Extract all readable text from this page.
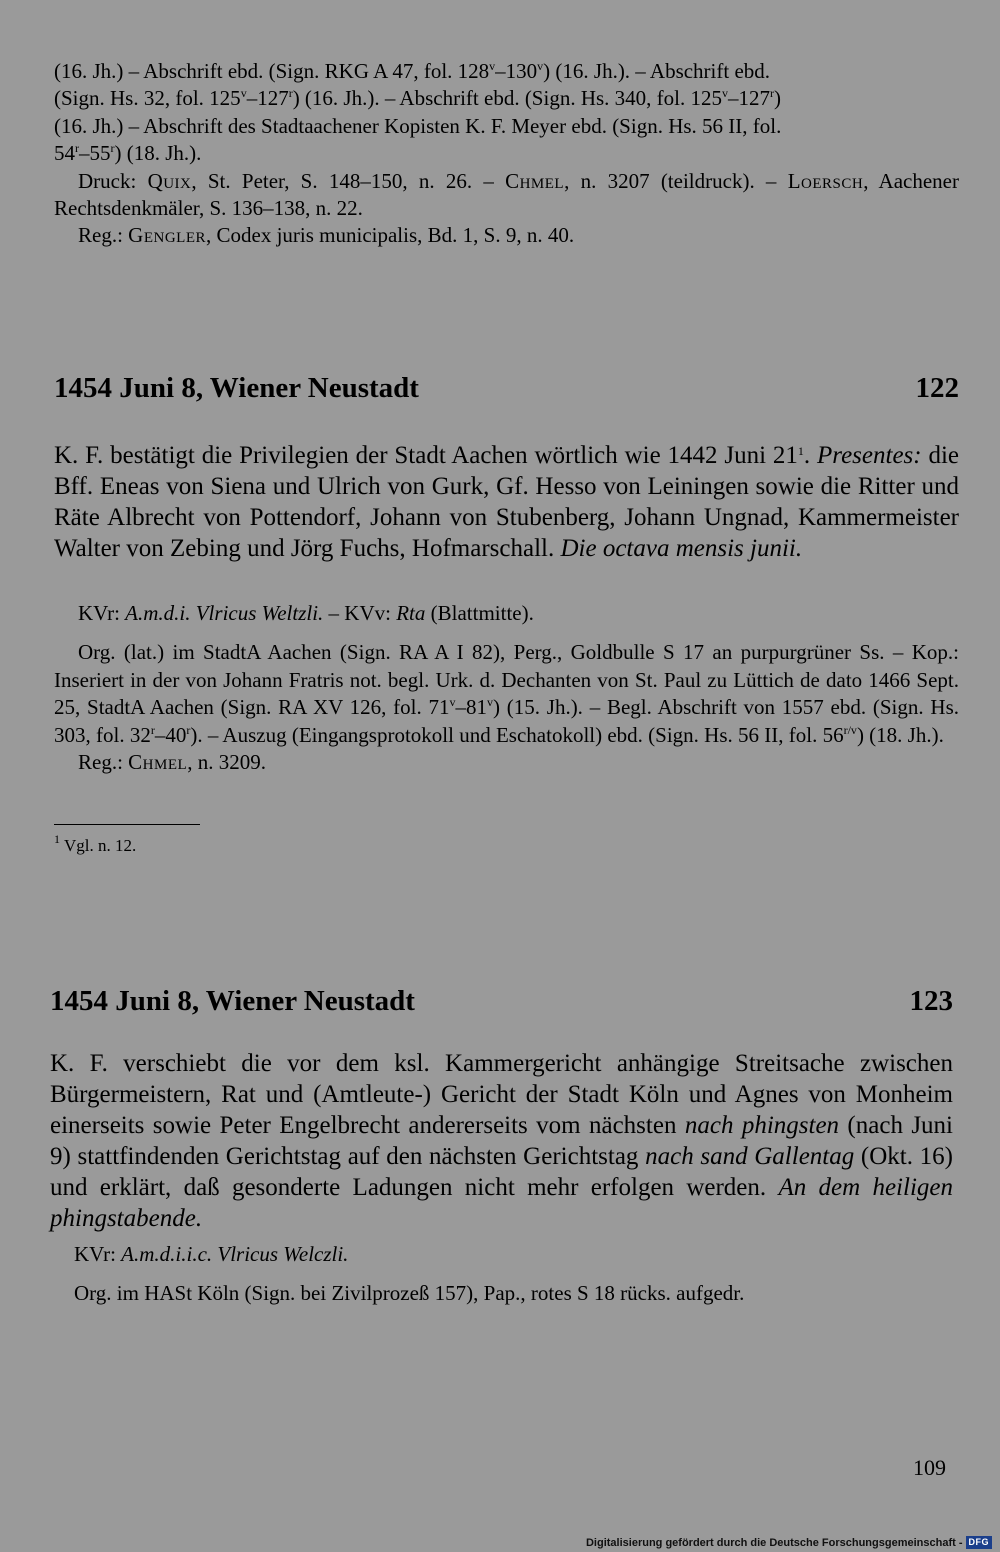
(16. Jh.) – Abschrift ebd. (Sign. RKG A 47, fol. 128$^v$–130$^v$) (16. Jh.). – Abschrift ebd.

(Sign. Hs. 32, fol. 125$^v$–127$^r$) (16. Jh.). – Abschrift ebd. (Sign. Hs. 340, fol. 125$^v$–127$^r$)

(16. Jh.) – Abschrift des Stadtaachener Kopisten K. F. Meyer ebd. (Sign. Hs. 56 II, fol.

54$^r$–55$^r$) (18. Jh.).

Druck: Quix, St. Peter, S. 148–150, n. 26. – Chmel, n. 3207 (teildruck). – Loersch, Aachener Rechtsdenkmäler, S. 136–138, n. 22.

Reg.: Gengler, Codex juris municipalis, Bd. 1, S. 9, n. 40.

1454 Juni 8, Wiener Neustadt	122

K. F. bestätigt die Privilegien der Stadt Aachen wörtlich wie 1442 Juni $21^1$. Presentes: die Bff. Eneas von Siena und Ulrich von Gurk, Gf. Hesso von Leiningen sowie die Ritter und Räte Albrecht von Pottendorf, Johann von Stubenberg, Johann Ungnad, Kammermeister Walter von Zebing und Jörg Fuchs, Hofmarschall. Die octava mensis junii.

KVr: A.m.d.i. Vlricus Weltzli. – KVv: Rta (Blattmitte).

Org. (lat.) im StadtA Aachen (Sign. RA A I 82), Perg., Goldbulle S 17 an purpurgrüner Ss. – Kop.: Inseriert in der von Johann Fratris not. begl. Urk. d. Dechanten von St. Paul zu Lüttich de dato 1466 Sept. 25, StadtA Aachen (Sign. RA XV 126, fol. 71$^v$–81$^v$) (15. Jh.). – Begl. Abschrift von 1557 ebd. (Sign. Hs. 303, fol. 32$^r$–40$^r$). – Auszug (Eingangsprotokoll und Eschatokoll) ebd. (Sign. Hs. 56 II, fol. $56^{r/v}$) (18. Jh.).

Reg.: Chmel, n. 3209.

$^1$ Vgl. n. 12.
1454 Juni 8, Wiener Neustadt	123

K. F. verschiebt die vor dem ksl. Kammergericht anhängige Streitsache zwischen Bürgermeistern, Rat und (Amtleute-) Gericht der Stadt Köln und Agnes von Monheim einerseits sowie Peter Engelbrecht andererseits vom nächsten nach phingsten (nach Juni 9) stattfindenden Gerichtstag auf den nächsten Gerichtstag nach sand Gallentag (Okt. 16) und erklärt, daß gesonderte Ladungen nicht mehr erfolgen werden. An dem heiligen phingstabende.

KVr: A.m.d.i.i.c. Vlricus Welczli.

Org. im HASt Köln (Sign. bei Zivilprozeß 157), Pap., rotes S 18 rücks. aufgedr.

109
Digitalisierung gefördert durch die Deutsche Forschungsgemeinschaft - DFG
